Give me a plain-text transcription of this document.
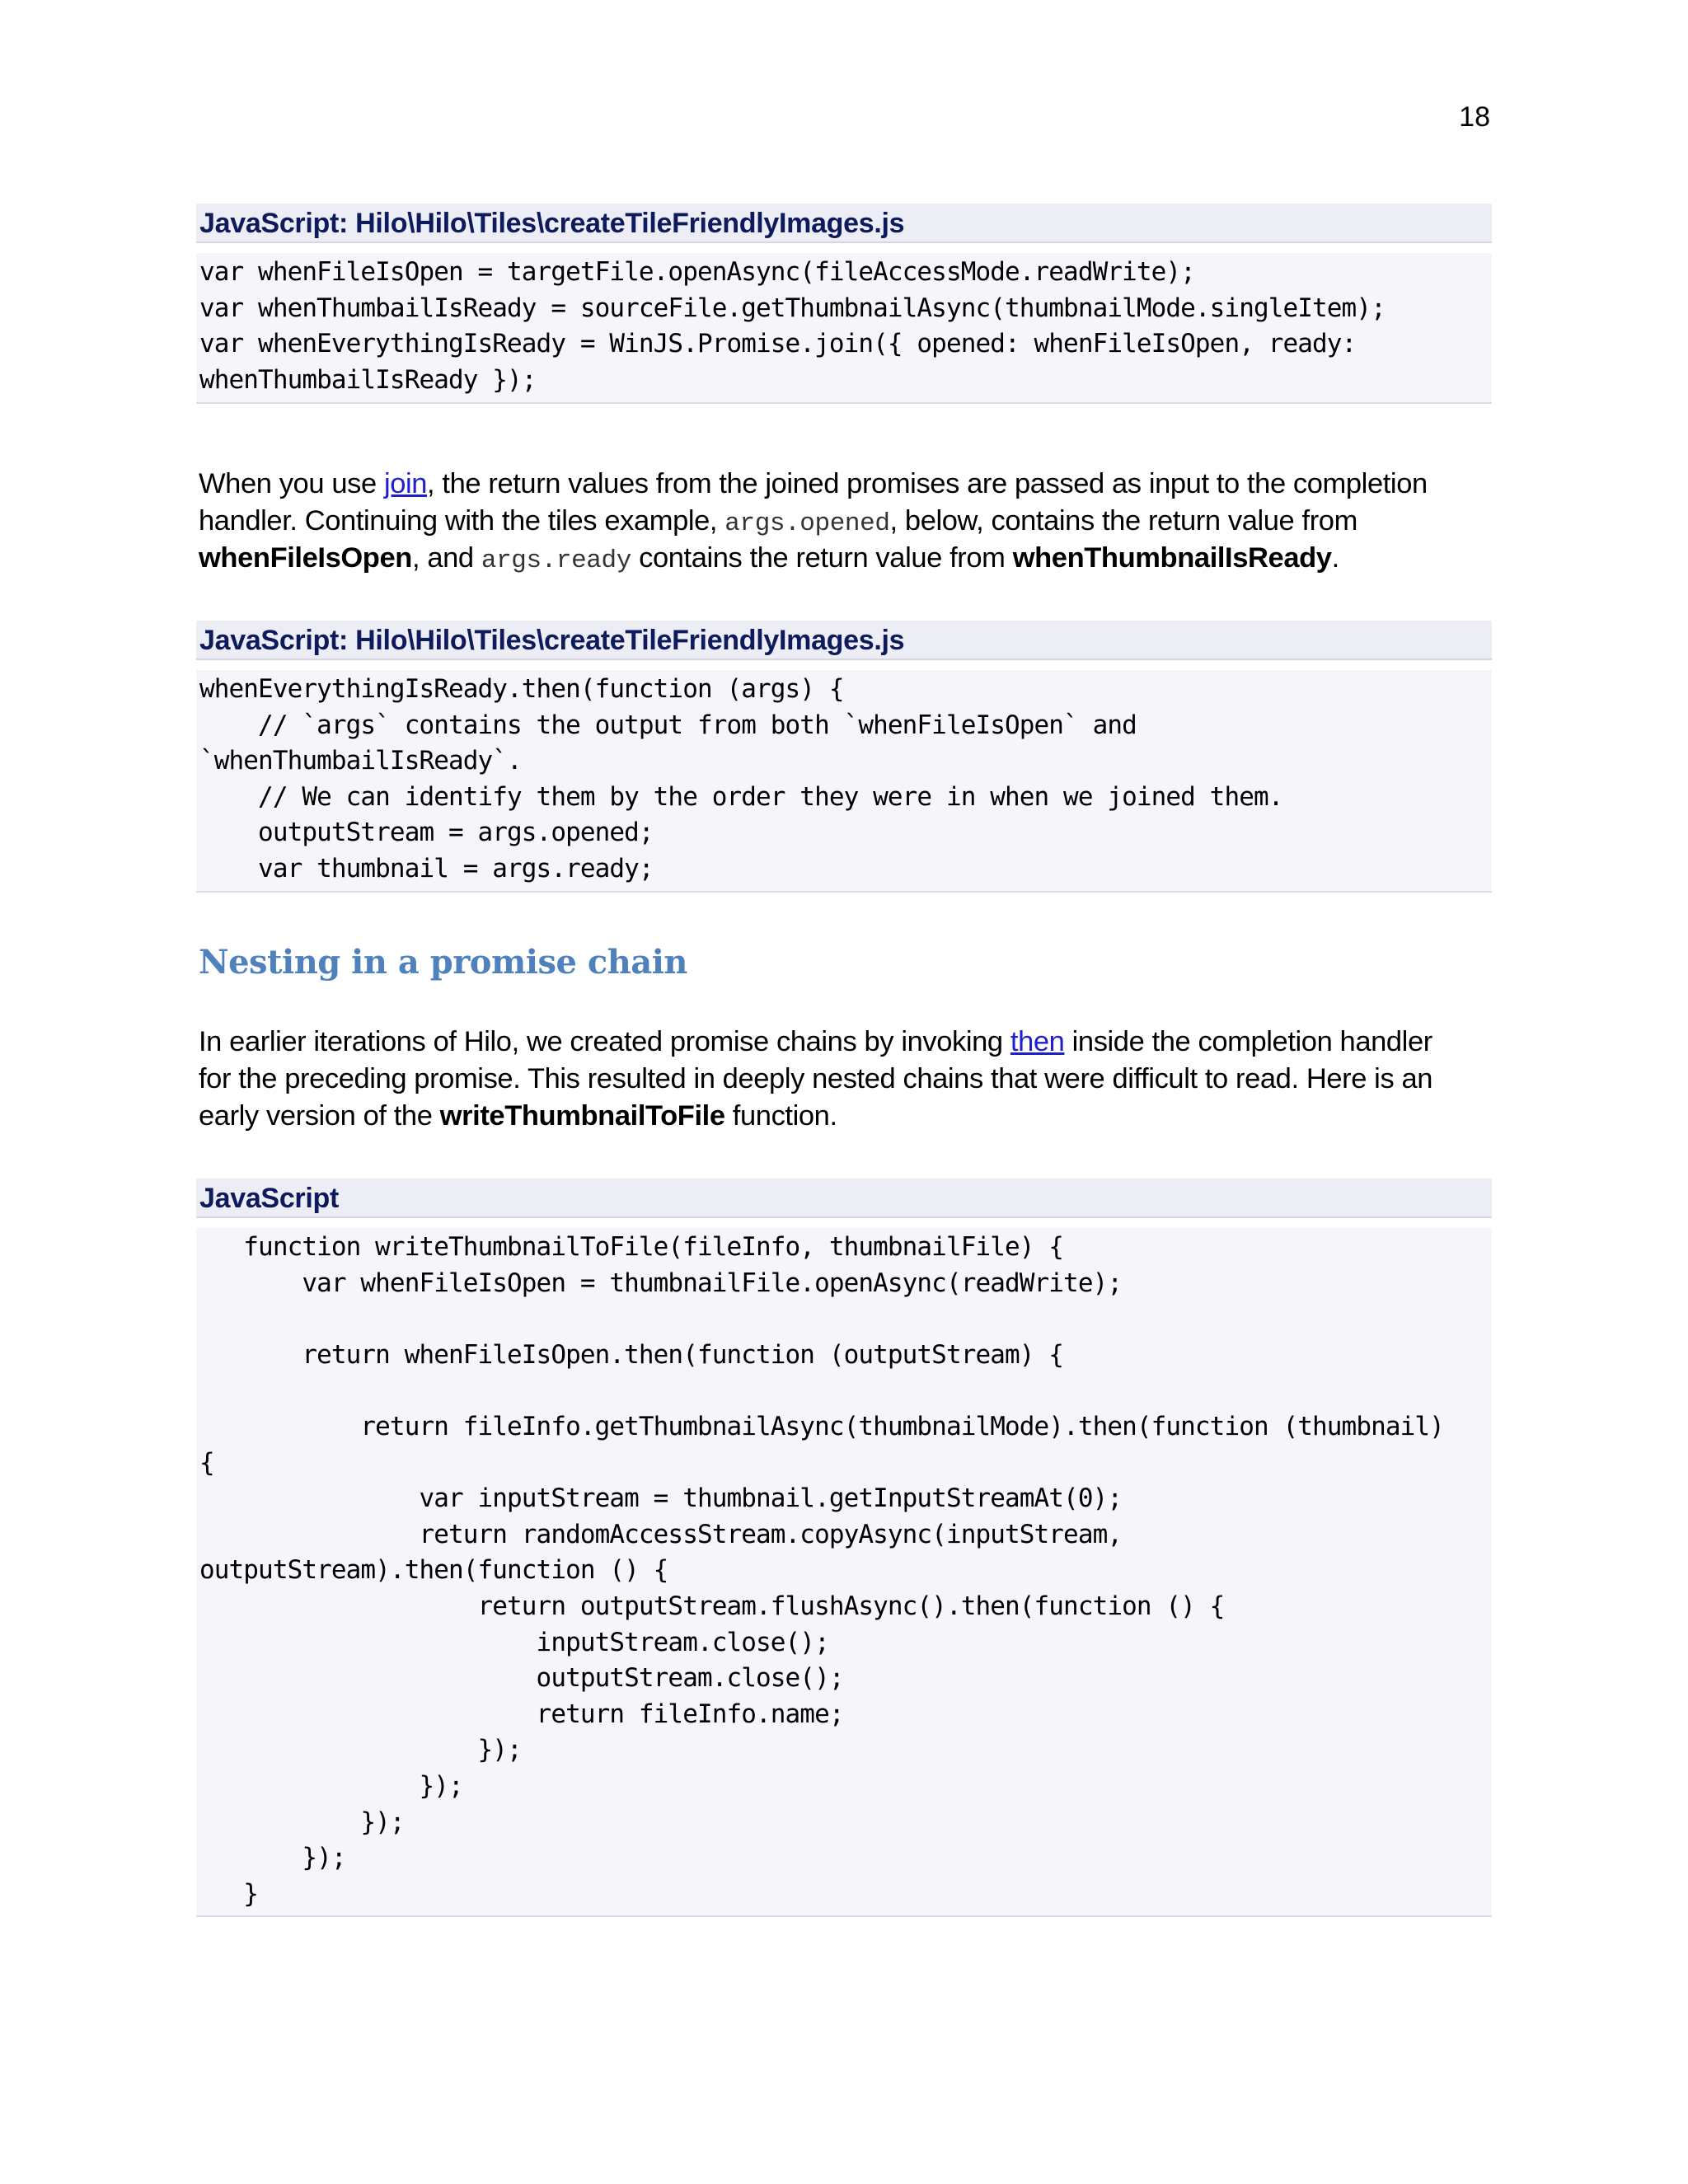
18
JavaScript: Hilo\Hilo\Tiles\createTileFriendlyImages.js
var whenFileIsOpen = targetFile.openAsync(fileAccessMode.readWrite);
var whenThumbailIsReady = sourceFile.getThumbnailAsync(thumbnailMode.singleItem);
var whenEverythingIsReady = WinJS.Promise.join({ opened: whenFileIsOpen, ready:
whenThumbailIsReady });
When you use join, the return values from the joined promises are passed as input to the completion
handler. Continuing with the tiles example, args.opened, below, contains the return value from
whenFileIsOpen, and args.ready contains the return value from whenThumbnailIsReady.
JavaScript: Hilo\Hilo\Tiles\createTileFriendlyImages.js
whenEverythingIsReady.then(function (args) {
// `args` contains the output from both `whenFileIsOpen` and
`whenThumbailIsReady`.
// We can identify them by the order they were in when we joined them.
outputStream = args.opened;
var thumbnail = args.ready;
Nesting in a promise chain
In earlier iterations of Hilo, we created promise chains by invoking then inside the completion handler
for the preceding promise. This resulted in deeply nested chains that were difficult to read. Here is an
early version of the writeThumbnailToFile function.
JavaScript
function writeThumbnailToFile(fileInfo, thumbnailFile) {
var whenFileIsOpen = thumbnailFile.openAsync(readWrite);
return whenFileIsOpen.then(function (outputStream) {
return fileInfo.getThumbnailAsync(thumbnailMode).then(function (thumbnail)
{
var inputStream = thumbnail.getInputStreamAt(0);
return randomAccessStream.copyAsync(inputStream,
outputStream).then(function () {
return outputStream.flushAsync().then(function () {
inputStream.close();
outputStream.close();
return fileInfo.name;
});
});
});
});
}
